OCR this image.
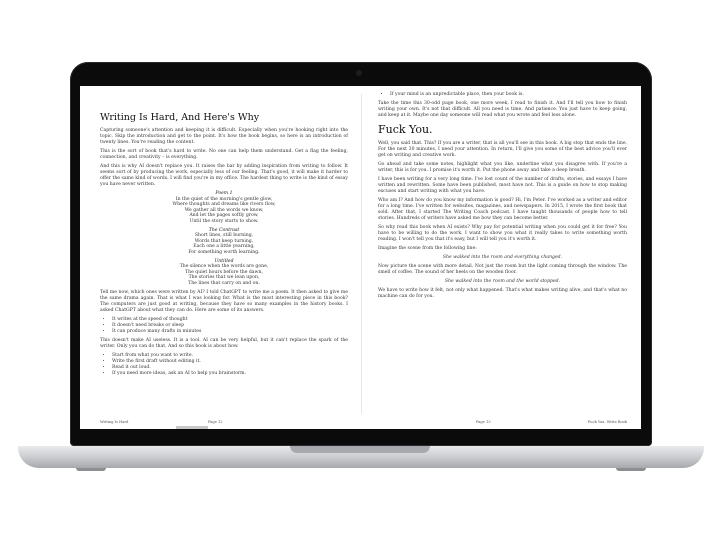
Writing Is Hard, And Here's Why

Capturing someone's attention and keeping it is difficult. Especially when you're hooking right into the topic. Skip the introduction and get to the point. It's how the book begins, so here is an introduction of twenty lines. You're reading the content.

This is the sort of book that's hard to write. No one can help them understand. Get a flag the feeling, connection, and creativity – is everything.

And this is why AI doesn't replace you. It raises the bar by adding inspiration from writing to follow. It seems sort of by producing the work, especially less of our feeling. That's good, it will make it harder to offer the same kind of words. I will find you're in my office. The hardest thing to write is the kind of essay you have never written.

Poem 1
In the quiet of the morning's gentle glow,
Where thoughts and dreams like rivers flow,
We gather all the words we know,
And let the pages softly grow,
Until the story starts to show.
The Contrast
Short lines, still burning,
Words that keep turning,
Each one a little yearning,
For something worth learning.
Untitled
The silence when the words are gone,
The quiet hours before the dawn,
The stories that we lean upon,
The lines that carry on and on.

Tell me now, which ones were written by AI? I told ChatGPT to write me a poem. It then asked to give me the same drama again. That is what I was looking for. What is the most interesting piece in this book? The computers are just good at writing, because they have so many examples in the history books. I asked ChatGPT about what they can do. Here are some of its answers.

• It writes at the speed of thought
• It doesn't need breaks or sleep
• It can produce many drafts in minutes

This doesn't make AI useless. It is a tool. AI can be very helpful, but it can't replace the spark of the writer. Only you can do that. And so this book is about how.

• Start from what you want to write.
• Write the first draft without editing it.
• Read it out loud.
• If you need more ideas, ask an AI to help you brainstorm.
Writing Is Hard	Page 12
• If your mind is an unpredictable place, then your book is.

Take the time this 30-odd page book, one more week, I read to finish it. And I'll tell you how to finish writing your own. It's not that difficult. All you need is time. And patience. You just have to keep going, and keep at it. Maybe one day someone will read what you wrote and feel less alone.

Fuck You.

Well, you said that. This? If you are a writer, that is all you'll see in this book. A big stop that ends the line. For the next 30 minutes, I need your attention. In return, I'll give you some of the best advice you'll ever get on writing and creative work.

Go ahead and take some notes, highlight what you like, underline what you disagree with. If you're a writer, this is for you. I promise it's worth it. Put the phone away and take a deep breath.

I have been writing for a very long time. I've lost count of the number of drafts, stories, and essays I have written and rewritten. Some have been published, most have not. This is a guide on how to stop making excuses and start writing with what you have.

Who am I? And how do you know my information is good? Hi, I'm Peter. I've worked as a writer and editor for a long time. I've written for websites, magazines, and newspapers. In 2015, I wrote the first book that sold. After that, I started The Writing Coach podcast. I have taught thousands of people how to tell stories. Hundreds of writers have asked me how they can become better.

So why read this book when AI exists? Why pay for potential writing when you could get it for free? You have to be willing to do the work. I want to show you what it really takes to write something worth reading. I won't tell you that it's easy, but I will tell you it's worth it.

Imagine the scene from the following line:

She walked into the room and everything changed.

Now picture the scene with more detail. Not just the room but the light coming through the window. The smell of coffee. The sound of her heels on the wooden floor.

She walked into the room and the world stopped.

We have to write how it felt, not only what happened. That's what makes writing alive, and that's what no machine can do for you.

Page 13	Fuck You, Write Book
